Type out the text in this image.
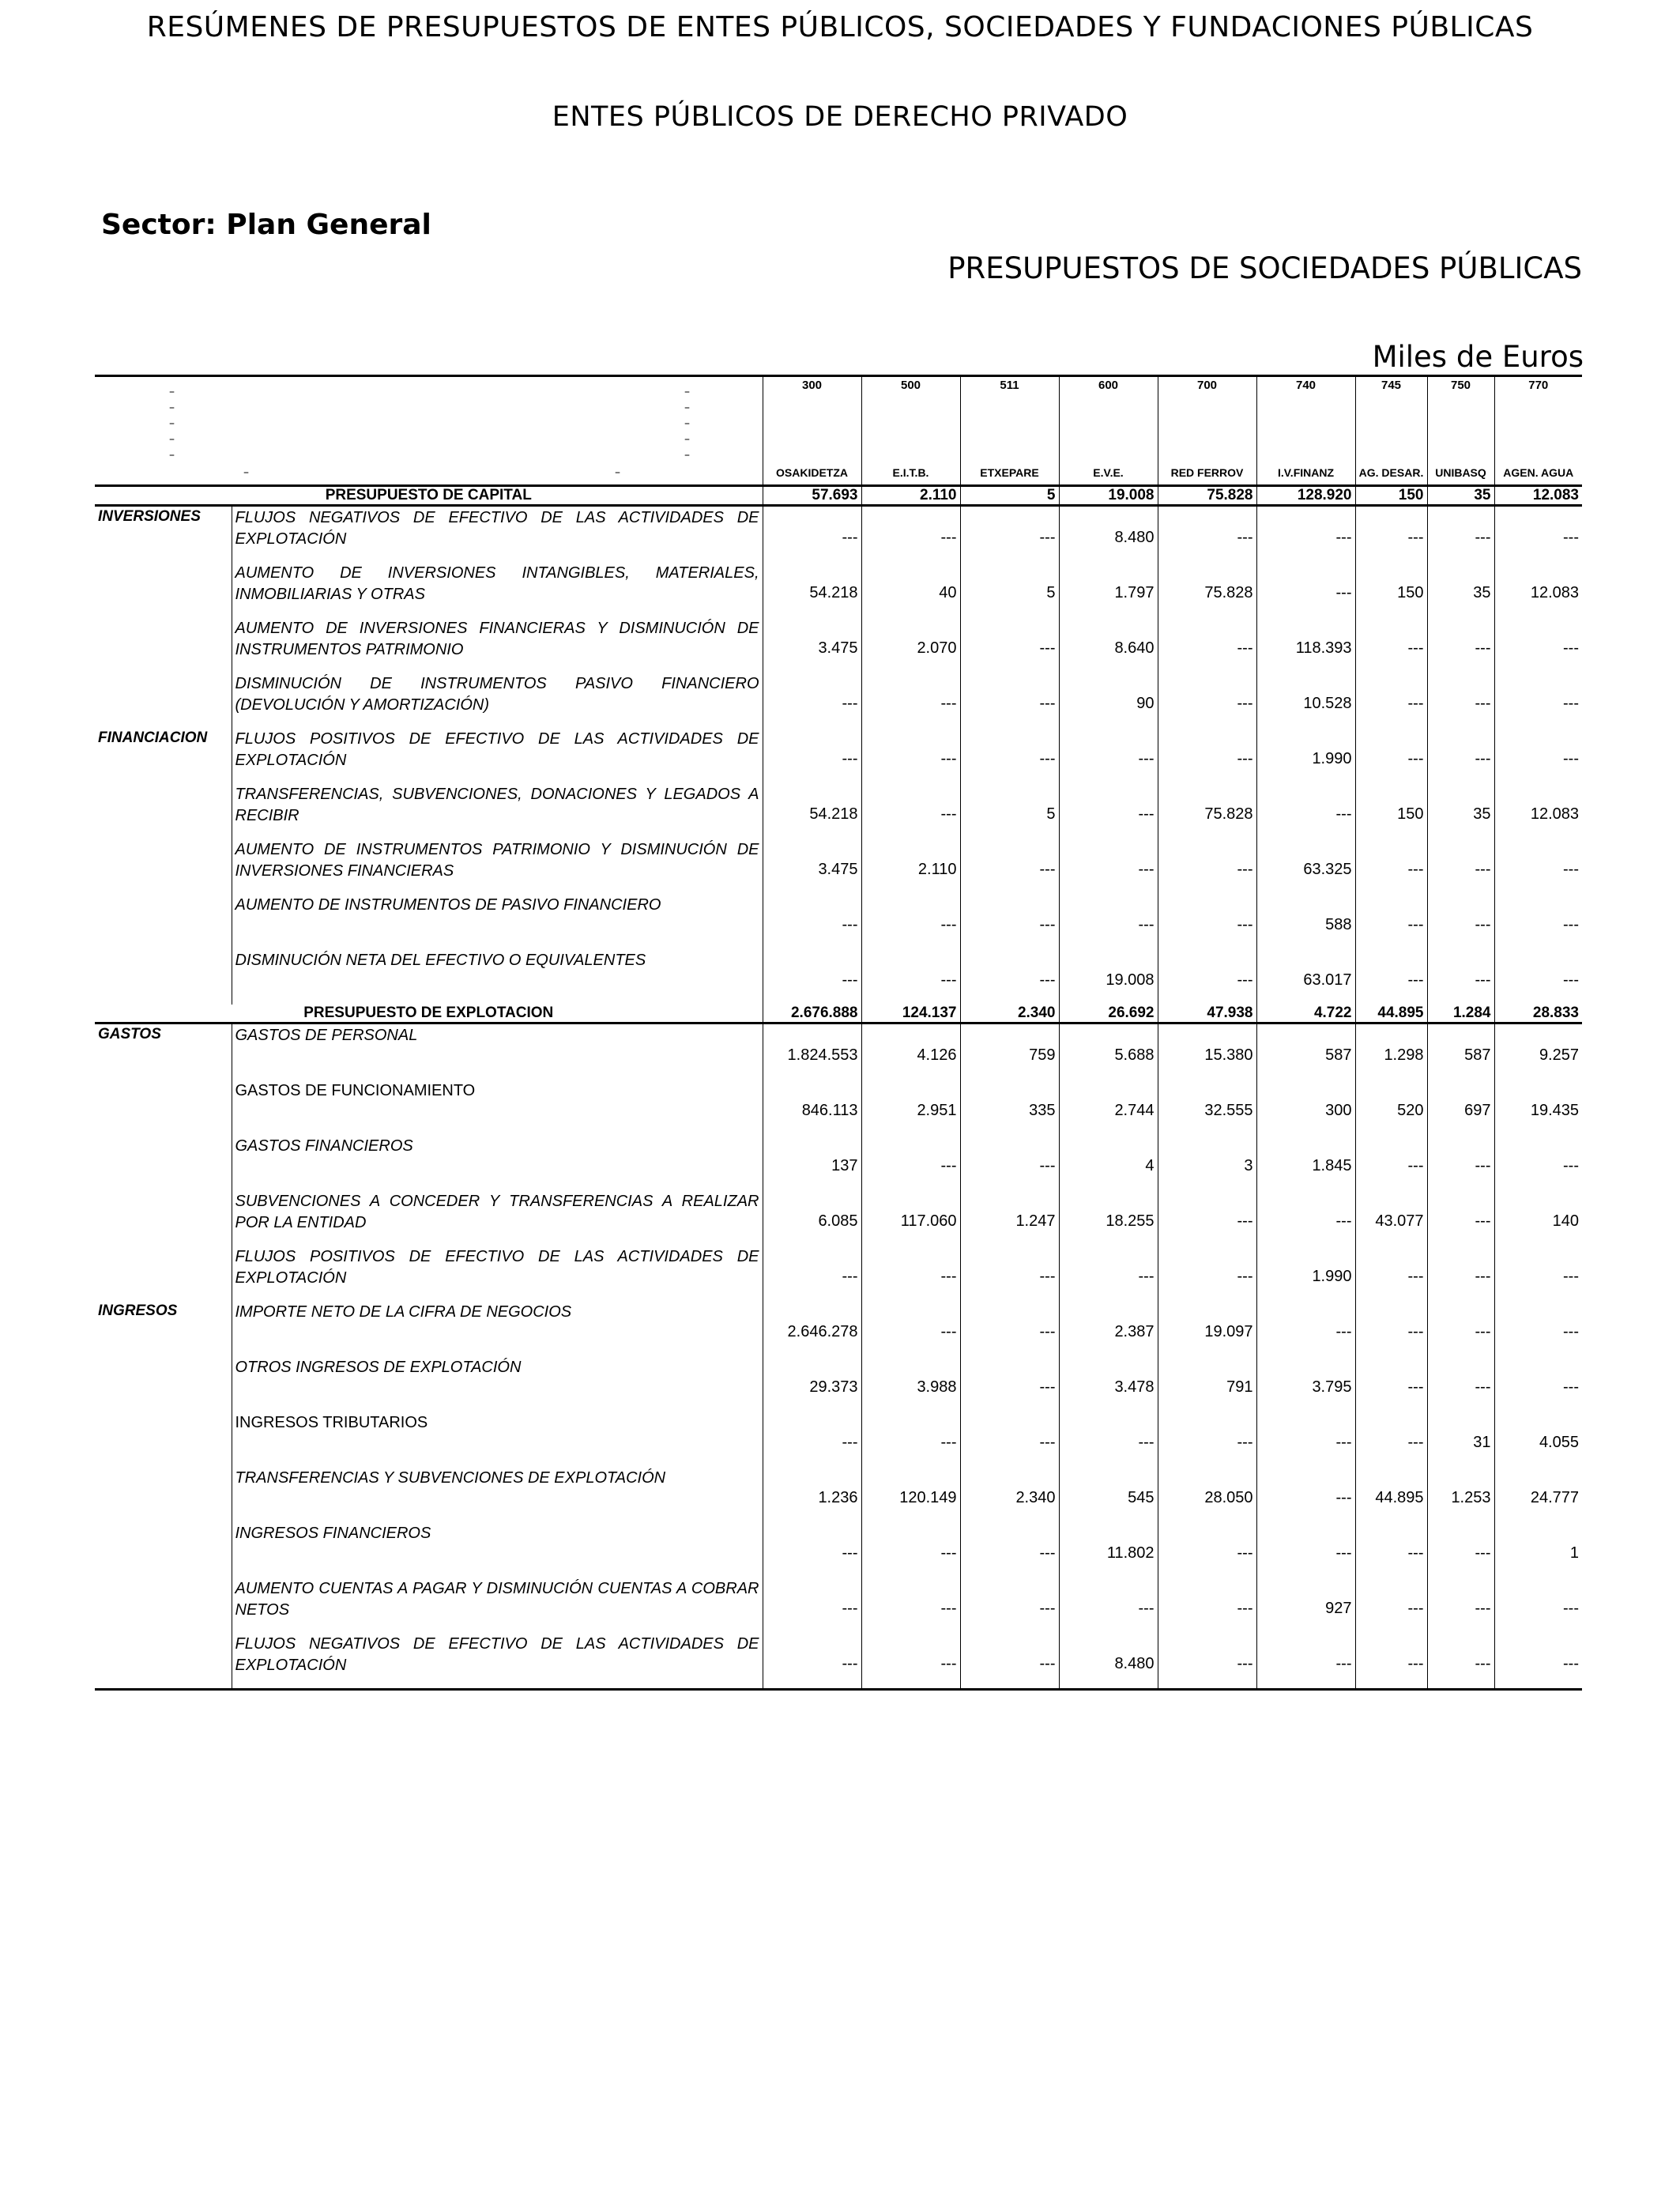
RESÚMENES DE PRESUPUESTOS DE ENTES PÚBLICOS, SOCIEDADES Y FUNDACIONES PÚBLICAS
ENTES PÚBLICOS DE DERECHO PRIVADO
Sector: Plan General
PRESUPUESTOS DE SOCIEDADES PÚBLICAS
Miles de Euros
–
–
–
–
–
–
–
–
–
–
–	–
		300	500	511	600	700	740	745	750	770
		OSAKIDETZA	E.I.T.B.	ETXEPARE	E.V.E.	RED FERROV	I.V.FINANZ	AG. DESAR.	UNIBASQ	AGEN. AGUA
PRESUPUESTO DE CAPITAL		57.693	2.110	5	19.008	75.828	128.920	150	35	12.083
INVERSIONES	FLUJOS NEGATIVOS DE EFECTIVO DE LAS ACTIVIDADES DE EXPLOTACIÓN	---	---	---	8.480	---	---	---	---	---
	AUMENTO DE INVERSIONES INTANGIBLES, MATERIALES, INMOBILIARIAS Y OTRAS	54.218	40	5	1.797	75.828	---	150	35	12.083
	AUMENTO DE INVERSIONES FINANCIERAS Y DISMINUCIÓN DE INSTRUMENTOS PATRIMONIO	3.475	2.070	---	8.640	---	118.393	---	---	---
	DISMINUCIÓN DE INSTRUMENTOS PASIVO FINANCIERO (DEVOLUCIÓN Y AMORTIZACIÓN)	---	---	---	90	---	10.528	---	---	---
FINANCIACION	FLUJOS POSITIVOS DE EFECTIVO DE LAS ACTIVIDADES DE EXPLOTACIÓN	---	---	---	---	---	1.990	---	---	---
	TRANSFERENCIAS, SUBVENCIONES, DONACIONES Y LEGADOS A RECIBIR	54.218	---	5	---	75.828	---	150	35	12.083
	AUMENTO DE INSTRUMENTOS PATRIMONIO Y DISMINUCIÓN DE INVERSIONES FINANCIERAS	3.475	2.110	---	---	---	63.325	---	---	---
	AUMENTO DE INSTRUMENTOS DE PASIVO FINANCIERO	---	---	---	---	---	588	---	---	---
	DISMINUCIÓN NETA DEL EFECTIVO O EQUIVALENTES	---	---	---	19.008	---	63.017	---	---	---
PRESUPUESTO DE EXPLOTACION		2.676.888	124.137	2.340	26.692	47.938	4.722	44.895	1.284	28.833
GASTOS	GASTOS DE PERSONAL	1.824.553	4.126	759	5.688	15.380	587	1.298	587	9.257
	GASTOS DE FUNCIONAMIENTO	846.113	2.951	335	2.744	32.555	300	520	697	19.435
	GASTOS FINANCIEROS	137	---	---	4	3	1.845	---	---	---
	SUBVENCIONES A CONCEDER Y TRANSFERENCIAS A REALIZAR POR LA ENTIDAD	6.085	117.060	1.247	18.255	---	---	43.077	---	140
	FLUJOS POSITIVOS DE EFECTIVO DE LAS ACTIVIDADES DE EXPLOTACIÓN	---	---	---	---	---	1.990	---	---	---
INGRESOS	IMPORTE NETO DE LA CIFRA DE NEGOCIOS	2.646.278	---	---	2.387	19.097	---	---	---	---
	OTROS INGRESOS DE EXPLOTACIÓN	29.373	3.988	---	3.478	791	3.795	---	---	---
	INGRESOS TRIBUTARIOS	---	---	---	---	---	---	---	31	4.055
	TRANSFERENCIAS Y SUBVENCIONES DE EXPLOTACIÓN	1.236	120.149	2.340	545	28.050	---	44.895	1.253	24.777
	INGRESOS FINANCIEROS	---	---	---	11.802	---	---	---	---	1
	AUMENTO CUENTAS A PAGAR Y DISMINUCIÓN CUENTAS A COBRAR NETOS	---	---	---	---	---	927	---	---	---
	FLUJOS NEGATIVOS DE EFECTIVO DE LAS ACTIVIDADES DE EXPLOTACIÓN	---	---	---	8.480	---	---	---	---	---
